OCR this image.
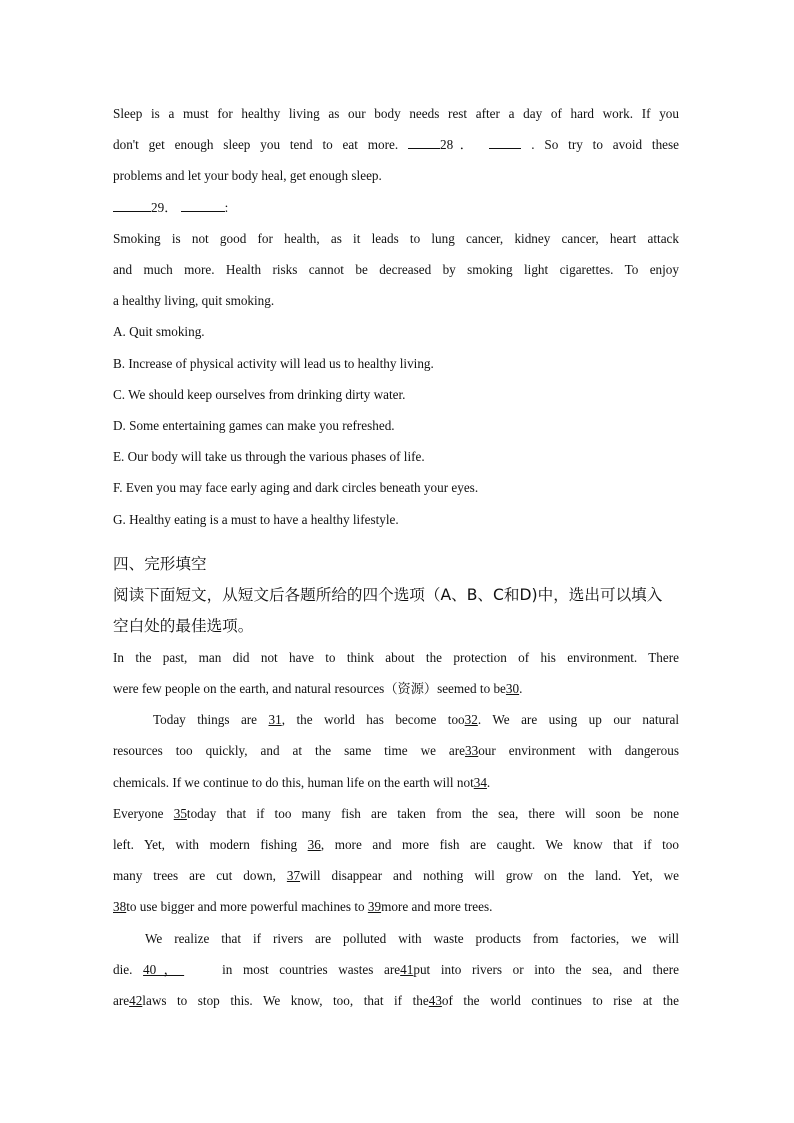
Sleep is a must for healthy living as our body needs rest after a day of hard work. If you
don't get enough sleep you tend to eat more.	28．	. So try to avoid these
problems and let your body heal, get enough sleep.

29．	:

Smoking is not good for health, as it leads to lung cancer, kidney cancer, heart attack
and much more. Health risks cannot be decreased by smoking light cigarettes. To enjoy
a healthy living, quit smoking.

A. Quit smoking.

B. Increase of physical activity will lead us to healthy living.

C. We should keep ourselves from drinking dirty water.

D. Some entertaining games can make you refreshed.

E. Our body will take us through the various phases of life.

F. Even you may face early aging and dark circles beneath your eyes.

G. Healthy eating is a must to have a healthy lifestyle.

四、完形填空

阅读下面短文，从短文后各题所给的四个选项（A、B、C和D)中，选出可以填入

空白处的最佳选项。

In the past, man did not have to think about the protection of his environment. There
were few people on the earth, and natural resources（资源）seemed to be30.

Today things are 31, the world has become too32. We are using up our natural
resources too quickly, and at the same time we are33our environment with dangerous
chemicals. If we continue to do this, human life on the earth will not34.

Everyone 35today that if too many fish are taken from the sea, there will soon be none
left. Yet, with modern fishing 36, more and more fish are caught. We know that if too
many trees are cut down, 37will disappear and nothing will grow on the land. Yet, we
38to use bigger and more powerful machines to 39more and more trees.

We realize that if rivers are polluted with waste products from factories, we will
die. 40，	in most countries wastes are41put into rivers or into the sea, and there
are42laws to stop this. We know, too, that if the43of the world continues to rise at the
